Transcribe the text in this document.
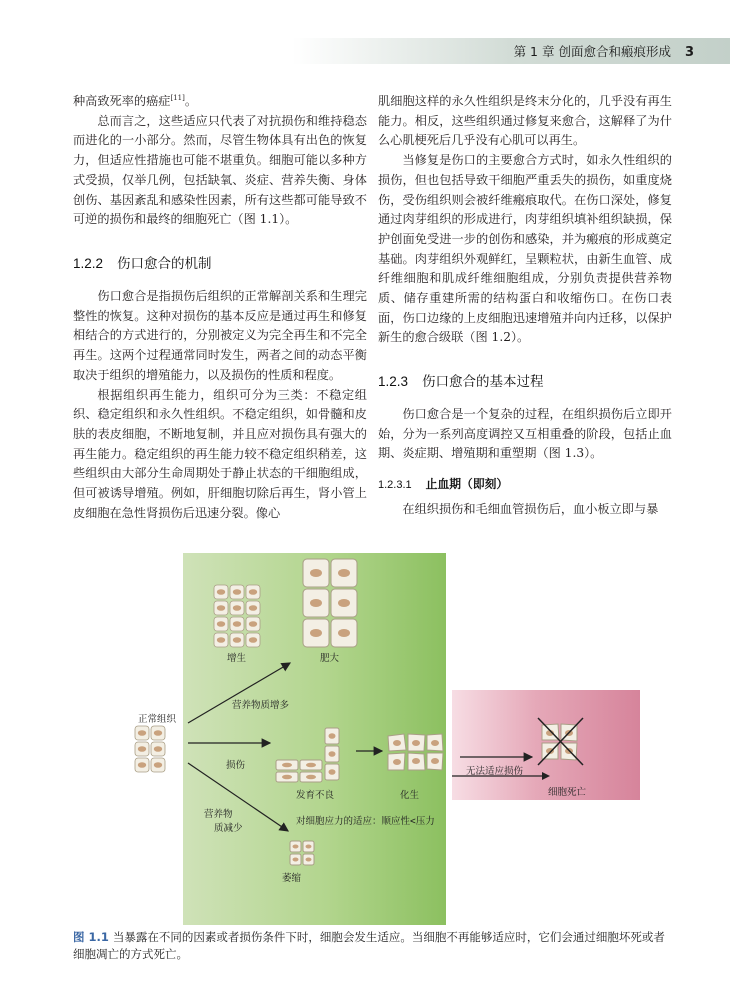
第 1 章 创面愈合和瘢痕形成 3

种高致死率的癌症[11]。

总而言之，这些适应只代表了对抗损伤和维持稳态而进化的一小部分。然而，尽管生物体具有出色的恢复力，但适应性措施也可能不堪重负。细胞可能以多种方式受损，仅举几例，包括缺氧、炎症、营养失衡、身体创伤、基因紊乱和感染性因素，所有这些都可能导致不可逆的损伤和最终的细胞死亡（图 1.1）。

1.2.2 伤口愈合的机制

伤口愈合是指损伤后组织的正常解剖关系和生理完整性的恢复。这种对损伤的基本反应是通过再生和修复相结合的方式进行的，分别被定义为完全再生和不完全再生。这两个过程通常同时发生，两者之间的动态平衡取决于组织的增殖能力，以及损伤的性质和程度。

根据组织再生能力，组织可分为三类：不稳定组织、稳定组织和永久性组织。不稳定组织，如骨髓和皮肤的表皮细胞，不断地复制，并且应对损伤具有强大的再生能力。稳定组织的再生能力较不稳定组织稍差，这些组织由大部分生命周期处于静止状态的干细胞组成，但可被诱导增殖。例如，肝细胞切除后再生，肾小管上皮细胞在急性肾损伤后迅速分裂。像心

肌细胞这样的永久性组织是终末分化的，几乎没有再生能力。相反，这些组织通过修复来愈合，这解释了为什么心肌梗死后几乎没有心肌可以再生。

当修复是伤口的主要愈合方式时，如永久性组织的损伤，但也包括导致干细胞严重丢失的损伤，如重度烧伤，受伤组织则会被纤维瘢痕取代。在伤口深处，修复通过肉芽组织的形成进行，肉芽组织填补组织缺损，保护创面免受进一步的创伤和感染，并为瘢痕的形成奠定基础。肉芽组织外观鲜红，呈颗粒状，由新生血管、成纤维细胞和肌成纤维细胞组成，分别负责提供营养物质、储存重建所需的结构蛋白和收缩伤口。在伤口表面，伤口边缘的上皮细胞迅速增殖并向内迁移，以保护新生的愈合级联（图 1.2）。

1.2.3 伤口愈合的基本过程

伤口愈合是一个复杂的过程，在组织损伤后立即开始，分为一系列高度调控又互相重叠的阶段，包括止血期、炎症期、增殖期和重塑期（图 1.3）。

1.2.3.1 止血期（即刻）

在组织损伤和毛细血管损伤后，血小板立即与暴

正常组织
增生	肥大
营养物质增多
损伤
发育不良	化生
营养物
质减少
对细胞应力的适应：顺应性<压力
萎缩
无法适应损伤
细胞死亡
图 1.1 当暴露在不同的因素或者损伤条件下时，细胞会发生适应。当细胞不再能够适应时，它们会通过细胞坏死或者细胞凋亡的方式死亡。
